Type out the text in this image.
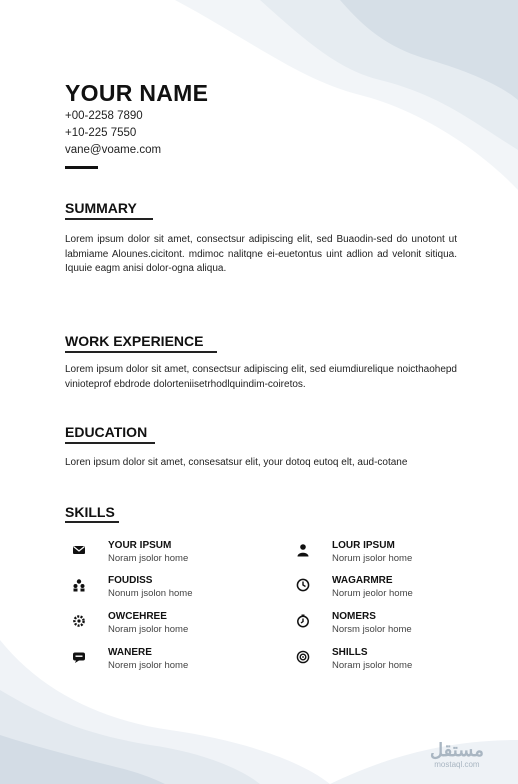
YOUR NAME
+00-2258 7890
+10-225 7550
vane@voame.com
SUMMARY
Lorem ipsum dolor sit amet, consectsur adipiscing elit, sed Buaodin-sed do unotont ut labmiame Alounes.cicitont. mdimoc nalitqne ei-euetontus uint adlion ad velonit sitiqua. Iquuie eagm anisi dolor-ogna aliqua.
WORK EXPERIENCE
Lorem ipsum dolor sit amet, consectsur adipiscing elit, sed eiumdiurelique noicthaohepd vinioteprof ebdrode dolorteniisetrhodlquindim-coiretos.
EDUCATION
Loren ipsum dolor sit amet, consesatsur elit, your dotoq eutoq elt, aud-cotane
SKILLS
YOUR IPSUM
Noram jsolor home
FOUDISS
Nonum jsolon home
OWCEHREE
Noram jsolor home
WANERE
Norem jsolor home
LOUR IPSUM
Norum jsolor home
WAGARMRE
Norum jeolor home
NOMERS
Norsm jsolor home
SHILLS
Noram jsolor home
مستقل
mostaql.com
